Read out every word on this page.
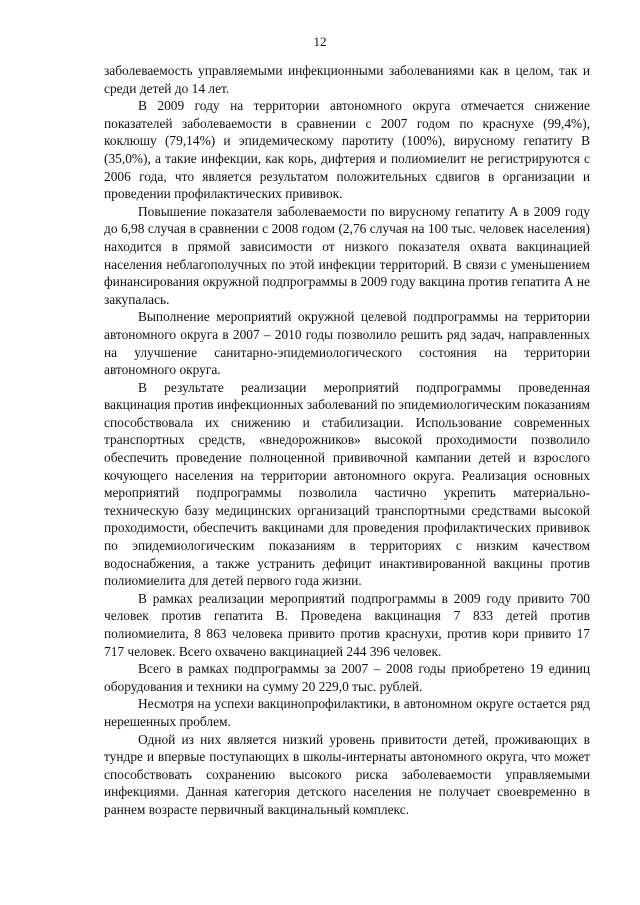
12

заболеваемость управляемыми инфекционными заболеваниями как в целом, так и среди детей до 14 лет.

В 2009 году на территории автономного округа отмечается снижение показателей заболеваемости в сравнении с 2007 годом по краснухе (99,4%), коклюшу (79,14%) и эпидемическому паротиту (100%), вирусному гепатиту В (35,0%), а такие инфекции, как корь, дифтерия и полиомиелит не регистрируются с 2006 года, что является результатом положительных сдвигов в организации и проведении профилактических прививок.

Повышение показателя заболеваемости по вирусному гепатиту А в 2009 году до 6,98 случая в сравнении с 2008 годом (2,76 случая на 100 тыс. человек населения) находится в прямой зависимости от низкого показателя охвата вакцинацией населения неблагополучных по этой инфекции территорий. В связи с уменьшением финансирования окружной подпрограммы в 2009 году вакцина против гепатита А не закупалась.

Выполнение мероприятий окружной целевой подпрограммы на территории автономного округа в 2007 – 2010 годы позволило решить ряд задач, направленных на улучшение санитарно-эпидемиологического состояния на территории автономного округа.

В результате реализации мероприятий подпрограммы проведенная вакцинация против инфекционных заболеваний по эпидемиологическим показаниям способствовала их снижению и стабилизации. Использование современных транспортных средств, «внедорожников» высокой проходимости позволило обеспечить проведение полноценной прививочной кампании детей и взрослого кочующего населения на территории автономного округа. Реализация основных мероприятий подпрограммы позволила частично укрепить материально-техническую базу медицинских организаций транспортными средствами высокой проходимости, обеспечить вакцинами для проведения профилактических прививок по эпидемиологическим показаниям в территориях с низким качеством водоснабжения, а также устранить дефицит инактивированной вакцины против полиомиелита для детей первого года жизни.

В рамках реализации мероприятий подпрограммы в 2009 году привито 700 человек против гепатита В. Проведена вакцинация 7 833 детей против полиомиелита, 8 863 человека привито против краснухи, против кори привито 17 717 человек. Всего охвачено вакцинацией 244 396 человек.

Всего в рамках подпрограммы за 2007 – 2008 годы приобретено 19 единиц оборудования и техники на сумму 20 229,0 тыс. рублей.

Несмотря на успехи вакцинопрофилактики, в автономном округе остается ряд нерешенных проблем.

Одной из них является низкий уровень привитости детей, проживающих в тундре и впервые поступающих в школы-интернаты автономного округа, что может способствовать сохранению высокого риска заболеваемости управляемыми инфекциями. Данная категория детского населения не получает своевременно в раннем возрасте первичный вакцинальный комплекс.
